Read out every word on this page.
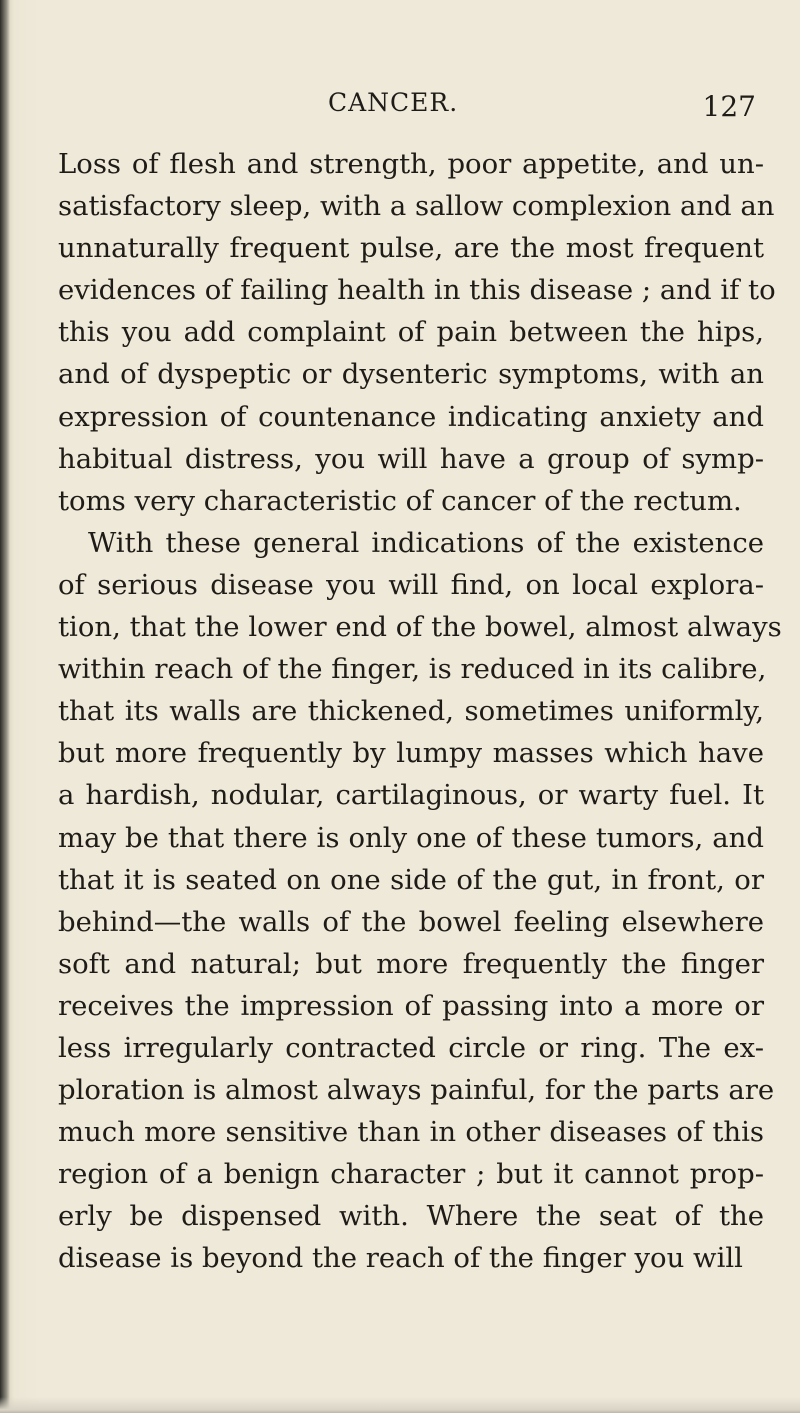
CANCER.	127
Loss of flesh and strength, poor appetite, and un-
satisfactory sleep, with a sallow complexion and an
unnaturally frequent pulse, are the most frequent
evidences of failing health in this disease ; and if to
this you add complaint of pain between the hips,
and of dyspeptic or dysenteric symptoms, with an
expression of countenance indicating anxiety and
habitual distress, you will have a group of symp-
toms very characteristic of cancer of the rectum.
With these general indications of the existence
of serious disease you will find, on local explora-
tion, that the lower end of the bowel, almost always
within reach of the finger, is reduced in its calibre,
that its walls are thickened, sometimes uniformly,
but more frequently by lumpy masses which have
a hardish, nodular, cartilaginous, or warty fuel. It
may be that there is only one of these tumors, and
that it is seated on one side of the gut, in front, or
behind—the walls of the bowel feeling elsewhere
soft and natural; but more frequently the finger
receives the impression of passing into a more or
less irregularly contracted circle or ring. The ex-
ploration is almost always painful, for the parts are
much more sensitive than in other diseases of this
region of a benign character ; but it cannot prop-
erly be dispensed with. Where the seat of the
disease is beyond the reach of the finger you will
